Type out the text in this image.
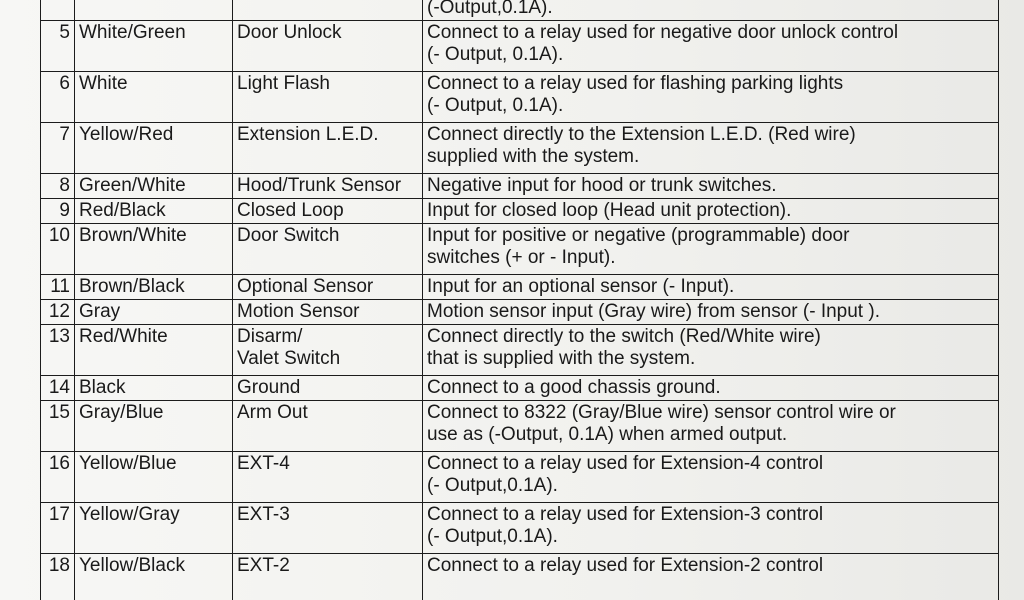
			(-Output,0.1A).

5	White/Green	Door Unlock	Connect to a relay used for negative door unlock control
(- Output, 0.1A).

6	White	Light Flash	Connect to a relay used for flashing parking lights
(- Output, 0.1A).

7	Yellow/Red	Extension L.E.D.	Connect directly to the Extension L.E.D. (Red wire)
supplied with the system.

8	Green/White	Hood/Trunk Sensor	Negative input for hood or trunk switches.

9	Red/Black	Closed Loop	Input for closed loop (Head unit protection).

10	Brown/White	Door Switch	Input for positive or negative (programmable) door
switches (+ or - Input).

11	Brown/Black	Optional Sensor	Input for an optional sensor (- Input).

12	Gray	Motion Sensor	Motion sensor input (Gray wire) from sensor (- Input ).

13	Red/White	Disarm/
Valet Switch	Connect directly to the switch (Red/White wire)
that is supplied with the system.

14	Black	Ground	Connect to a good chassis ground.

15	Gray/Blue	Arm Out	Connect to 8322 (Gray/Blue wire) sensor control wire or
use as (-Output, 0.1A) when armed output.

16	Yellow/Blue	EXT-4	Connect to a relay used for Extension-4 control
(- Output,0.1A).

17	Yellow/Gray	EXT-3	Connect to a relay used for Extension-3 control
(- Output,0.1A).

18	Yellow/Black	EXT-2	Connect to a relay used for Extension-2 control
